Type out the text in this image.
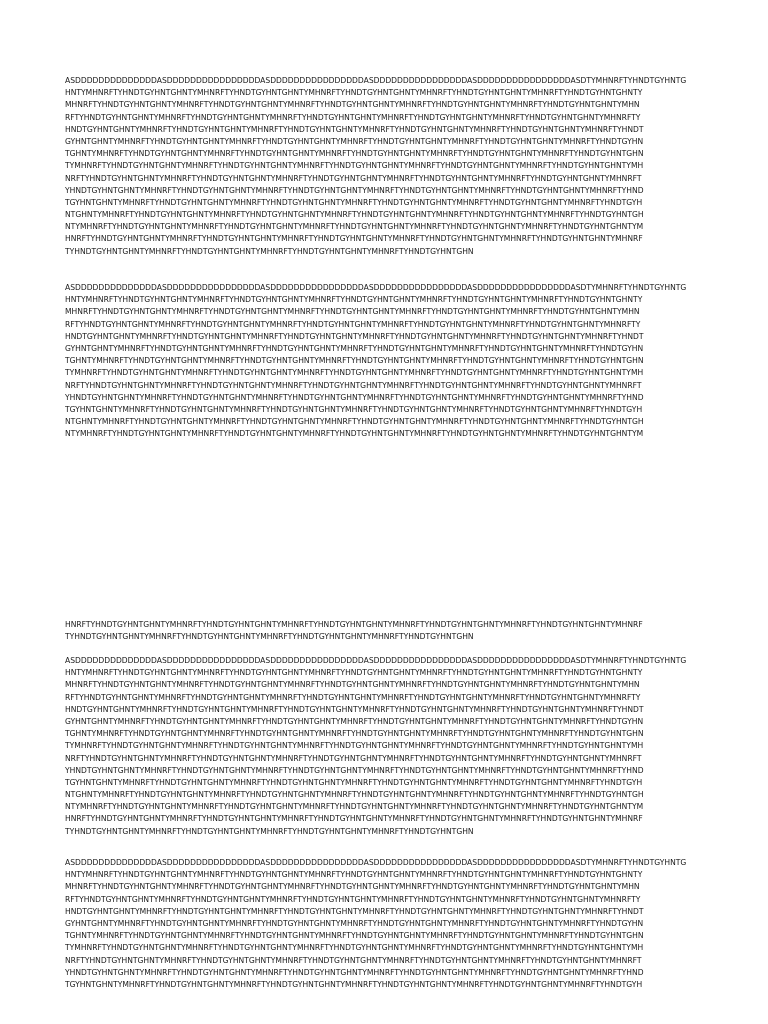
ASDDDDDDDDDDDDDDASDDDDDDDDDDDDDDDDASDDDDDDDDDDDDDDDDASDDDDDDDDDDDDDDDDASDDDDDDDDDDDDDDDDASDTYMHNRFTYHNDTGYHNTG
HNTYMHNRFTYHNDTGYHNTGHNTYMHNRFTYHNDTGYHNTGHNTYMHNRFTYHNDTGYHNTGHNTYMHNRFTYHNDTGYHNTGHNTYMHNRFTYHNDTGYHNTGHNTY
MHNRFTYHNDTGYHNTGHNTYMHNRFTYHNDTGYHNTGHNTYMHNRFTYHNDTGYHNTGHNTYMHNRFTYHNDTGYHNTGHNTYMHNRFTYHNDTGYHNTGHNTYMHN
RFTYHNDTGYHNTGHNTYMHNRFTYHNDTGYHNTGHNTYMHNRFTYHNDTGYHNTGHNTYMHNRFTYHNDTGYHNTGHNTYMHNRFTYHNDTGYHNTGHNTYMHNRFTY
HNDTGYHNTGHNTYMHNRFTYHNDTGYHNTGHNTYMHNRFTYHNDTGYHNTGHNTYMHNRFTYHNDTGYHNTGHNTYMHNRFTYHNDTGYHNTGHNTYMHNRFTYHNDT
GYHNTGHNTYMHNRFTYHNDTGYHNTGHNTYMHNRFTYHNDTGYHNTGHNTYMHNRFTYHNDTGYHNTGHNTYMHNRFTYHNDTGYHNTGHNTYMHNRFTYHNDTGYHN
TGHNTYMHNRFTYHNDTGYHNTGHNTYMHNRFTYHNDTGYHNTGHNTYMHNRFTYHNDTGYHNTGHNTYMHNRFTYHNDTGYHNTGHNTYMHNRFTYHNDTGYHNTGHN
TYMHNRFTYHNDTGYHNTGHNTYMHNRFTYHNDTGYHNTGHNTYMHNRFTYHNDTGYHNTGHNTYMHNRFTYHNDTGYHNTGHNTYMHNRFTYHNDTGYHNTGHNTYMH
NRFTYHNDTGYHNTGHNTYMHNRFTYHNDTGYHNTGHNTYMHNRFTYHNDTGYHNTGHNTYMHNRFTYHNDTGYHNTGHNTYMHNRFTYHNDTGYHNTGHNTYMHNRFT
YHNDTGYHNTGHNTYMHNRFTYHNDTGYHNTGHNTYMHNRFTYHNDTGYHNTGHNTYMHNRFTYHNDTGYHNTGHNTYMHNRFTYHNDTGYHNTGHNTYMHNRFTYHND
TGYHNTGHNTYMHNRFTYHNDTGYHNTGHNTYMHNRFTYHNDTGYHNTGHNTYMHNRFTYHNDTGYHNTGHNTYMHNRFTYHNDTGYHNTGHNTYMHNRFTYHNDTGYH
NTGHNTYMHNRFTYHNDTGYHNTGHNTYMHNRFTYHNDTGYHNTGHNTYMHNRFTYHNDTGYHNTGHNTYMHNRFTYHNDTGYHNTGHNTYMHNRFTYHNDTGYHNTGH
NTYMHNRFTYHNDTGYHNTGHNTYMHNRFTYHNDTGYHNTGHNTYMHNRFTYHNDTGYHNTGHNTYMHNRFTYHNDTGYHNTGHNTYMHNRFTYHNDTGYHNTGHNTYM
HNRFTYHNDTGYHNTGHNTYMHNRFTYHNDTGYHNTGHNTYMHNRFTYHNDTGYHNTGHNTYMHNRFTYHNDTGYHNTGHNTYMHNRFTYHNDTGYHNTGHNTYMHNRF
TYHNDTGYHNTGHNTYMHNRFTYHNDTGYHNTGHNTYMHNRFTYHNDTGYHNTGHNTYMHNRFTYHNDTGYHNTGHN
ASDDDDDDDDDDDDDDASDDDDDDDDDDDDDDDDASDDDDDDDDDDDDDDDDASDDDDDDDDDDDDDDDDASDDDDDDDDDDDDDDDDASDTYMHNRFTYHNDTGYHNTG
HNTYMHNRFTYHNDTGYHNTGHNTYMHNRFTYHNDTGYHNTGHNTYMHNRFTYHNDTGYHNTGHNTYMHNRFTYHNDTGYHNTGHNTYMHNRFTYHNDTGYHNTGHNTY
MHNRFTYHNDTGYHNTGHNTYMHNRFTYHNDTGYHNTGHNTYMHNRFTYHNDTGYHNTGHNTYMHNRFTYHNDTGYHNTGHNTYMHNRFTYHNDTGYHNTGHNTYMHN
RFTYHNDTGYHNTGHNTYMHNRFTYHNDTGYHNTGHNTYMHNRFTYHNDTGYHNTGHNTYMHNRFTYHNDTGYHNTGHNTYMHNRFTYHNDTGYHNTGHNTYMHNRFTY
HNDTGYHNTGHNTYMHNRFTYHNDTGYHNTGHNTYMHNRFTYHNDTGYHNTGHNTYMHNRFTYHNDTGYHNTGHNTYMHNRFTYHNDTGYHNTGHNTYMHNRFTYHNDT
GYHNTGHNTYMHNRFTYHNDTGYHNTGHNTYMHNRFTYHNDTGYHNTGHNTYMHNRFTYHNDTGYHNTGHNTYMHNRFTYHNDTGYHNTGHNTYMHNRFTYHNDTGYHN
TGHNTYMHNRFTYHNDTGYHNTGHNTYMHNRFTYHNDTGYHNTGHNTYMHNRFTYHNDTGYHNTGHNTYMHNRFTYHNDTGYHNTGHNTYMHNRFTYHNDTGYHNTGHN
TYMHNRFTYHNDTGYHNTGHNTYMHNRFTYHNDTGYHNTGHNTYMHNRFTYHNDTGYHNTGHNTYMHNRFTYHNDTGYHNTGHNTYMHNRFTYHNDTGYHNTGHNTYMH
NRFTYHNDTGYHNTGHNTYMHNRFTYHNDTGYHNTGHNTYMHNRFTYHNDTGYHNTGHNTYMHNRFTYHNDTGYHNTGHNTYMHNRFTYHNDTGYHNTGHNTYMHNRFT
YHNDTGYHNTGHNTYMHNRFTYHNDTGYHNTGHNTYMHNRFTYHNDTGYHNTGHNTYMHNRFTYHNDTGYHNTGHNTYMHNRFTYHNDTGYHNTGHNTYMHNRFTYHND
TGYHNTGHNTYMHNRFTYHNDTGYHNTGHNTYMHNRFTYHNDTGYHNTGHNTYMHNRFTYHNDTGYHNTGHNTYMHNRFTYHNDTGYHNTGHNTYMHNRFTYHNDTGYH
NTGHNTYMHNRFTYHNDTGYHNTGHNTYMHNRFTYHNDTGYHNTGHNTYMHNRFTYHNDTGYHNTGHNTYMHNRFTYHNDTGYHNTGHNTYMHNRFTYHNDTGYHNTGH
NTYMHNRFTYHNDTGYHNTGHNTYMHNRFTYHNDTGYHNTGHNTYMHNRFTYHNDTGYHNTGHNTYMHNRFTYHNDTGYHNTGHNTYMHNRFTYHNDTGYHNTGHNTYM
HNRFTYHNDTGYHNTGHNTYMHNRFTYHNDTGYHNTGHNTYMHNRFTYHNDTGYHNTGHNTYMHNRFTYHNDTGYHNTGHNTYMHNRFTYHNDTGYHNTGHNTYMHNRF
TYHNDTGYHNTGHNTYMHNRFTYHNDTGYHNTGHNTYMHNRFTYHNDTGYHNTGHNTYMHNRFTYHNDTGYHNTGHN
ASDDDDDDDDDDDDDDASDDDDDDDDDDDDDDDDASDDDDDDDDDDDDDDDDASDDDDDDDDDDDDDDDDASDDDDDDDDDDDDDDDDASDTYMHNRFTYHNDTGYHNTG
HNTYMHNRFTYHNDTGYHNTGHNTYMHNRFTYHNDTGYHNTGHNTYMHNRFTYHNDTGYHNTGHNTYMHNRFTYHNDTGYHNTGHNTYMHNRFTYHNDTGYHNTGHNTY
MHNRFTYHNDTGYHNTGHNTYMHNRFTYHNDTGYHNTGHNTYMHNRFTYHNDTGYHNTGHNTYMHNRFTYHNDTGYHNTGHNTYMHNRFTYHNDTGYHNTGHNTYMHN
RFTYHNDTGYHNTGHNTYMHNRFTYHNDTGYHNTGHNTYMHNRFTYHNDTGYHNTGHNTYMHNRFTYHNDTGYHNTGHNTYMHNRFTYHNDTGYHNTGHNTYMHNRFTY
HNDTGYHNTGHNTYMHNRFTYHNDTGYHNTGHNTYMHNRFTYHNDTGYHNTGHNTYMHNRFTYHNDTGYHNTGHNTYMHNRFTYHNDTGYHNTGHNTYMHNRFTYHNDT
GYHNTGHNTYMHNRFTYHNDTGYHNTGHNTYMHNRFTYHNDTGYHNTGHNTYMHNRFTYHNDTGYHNTGHNTYMHNRFTYHNDTGYHNTGHNTYMHNRFTYHNDTGYHN
TGHNTYMHNRFTYHNDTGYHNTGHNTYMHNRFTYHNDTGYHNTGHNTYMHNRFTYHNDTGYHNTGHNTYMHNRFTYHNDTGYHNTGHNTYMHNRFTYHNDTGYHNTGHN
TYMHNRFTYHNDTGYHNTGHNTYMHNRFTYHNDTGYHNTGHNTYMHNRFTYHNDTGYHNTGHNTYMHNRFTYHNDTGYHNTGHNTYMHNRFTYHNDTGYHNTGHNTYMH
NRFTYHNDTGYHNTGHNTYMHNRFTYHNDTGYHNTGHNTYMHNRFTYHNDTGYHNTGHNTYMHNRFTYHNDTGYHNTGHNTYMHNRFTYHNDTGYHNTGHNTYMHNRFT
YHNDTGYHNTGHNTYMHNRFTYHNDTGYHNTGHNTYMHNRFTYHNDTGYHNTGHNTYMHNRFTYHNDTGYHNTGHNTYMHNRFTYHNDTGYHNTGHNTYMHNRFTYHND
TGYHNTGHNTYMHNRFTYHNDTGYHNTGHNTYMHNRFTYHNDTGYHNTGHNTYMHNRFTYHNDTGYHNTGHNTYMHNRFTYHNDTGYHNTGHNTYMHNRFTYHNDTGYH
NTGHNTYMHNRFTYHNDTGYHNTGHNTYMHNRFTYHNDTGYHNTGHNTYMHNRFTYHNDTGYHNTGHNTYMHNRFTYHNDTGYHNTGHNTYMHNRFTYHNDTGYHNTGH
NTYMHNRFTYHNDTGYHNTGHNTYMHNRFTYHNDTGYHNTGHNTYMHNRFTYHNDTGYHNTGHNTYMHNRFTYHNDTGYHNTGHNTYMHNRFTYHNDTGYHNTGHNTYM
HNRFTYHNDTGYHNTGHNTYMHNRFTYHNDTGYHNTGHNTYMHNRFTYHNDTGYHNTGHNTYMHNRFTYHNDTGYHNTGHNTYMHNRFTYHNDTGYHNTGHNTYMHNRF
TYHNDTGYHNTGHNTYMHNRFTYHNDTGYHNTGHNTYMHNRFTYHNDTGYHNTGHNTYMHNRFTYHNDTGYHNTGHN
ASDDDDDDDDDDDDDDASDDDDDDDDDDDDDDDDASDDDDDDDDDDDDDDDDASDDDDDDDDDDDDDDDDASDDDDDDDDDDDDDDDDASDTYMHNRFTYHNDTGYHNTG
HNTYMHNRFTYHNDTGYHNTGHNTYMHNRFTYHNDTGYHNTGHNTYMHNRFTYHNDTGYHNTGHNTYMHNRFTYHNDTGYHNTGHNTYMHNRFTYHNDTGYHNTGHNTY
MHNRFTYHNDTGYHNTGHNTYMHNRFTYHNDTGYHNTGHNTYMHNRFTYHNDTGYHNTGHNTYMHNRFTYHNDTGYHNTGHNTYMHNRFTYHNDTGYHNTGHNTYMHN
RFTYHNDTGYHNTGHNTYMHNRFTYHNDTGYHNTGHNTYMHNRFTYHNDTGYHNTGHNTYMHNRFTYHNDTGYHNTGHNTYMHNRFTYHNDTGYHNTGHNTYMHNRFTY
HNDTGYHNTGHNTYMHNRFTYHNDTGYHNTGHNTYMHNRFTYHNDTGYHNTGHNTYMHNRFTYHNDTGYHNTGHNTYMHNRFTYHNDTGYHNTGHNTYMHNRFTYHNDT
GYHNTGHNTYMHNRFTYHNDTGYHNTGHNTYMHNRFTYHNDTGYHNTGHNTYMHNRFTYHNDTGYHNTGHNTYMHNRFTYHNDTGYHNTGHNTYMHNRFTYHNDTGYHN
TGHNTYMHNRFTYHNDTGYHNTGHNTYMHNRFTYHNDTGYHNTGHNTYMHNRFTYHNDTGYHNTGHNTYMHNRFTYHNDTGYHNTGHNTYMHNRFTYHNDTGYHNTGHN
TYMHNRFTYHNDTGYHNTGHNTYMHNRFTYHNDTGYHNTGHNTYMHNRFTYHNDTGYHNTGHNTYMHNRFTYHNDTGYHNTGHNTYMHNRFTYHNDTGYHNTGHNTYMH
NRFTYHNDTGYHNTGHNTYMHNRFTYHNDTGYHNTGHNTYMHNRFTYHNDTGYHNTGHNTYMHNRFTYHNDTGYHNTGHNTYMHNRFTYHNDTGYHNTGHNTYMHNRFT
YHNDTGYHNTGHNTYMHNRFTYHNDTGYHNTGHNTYMHNRFTYHNDTGYHNTGHNTYMHNRFTYHNDTGYHNTGHNTYMHNRFTYHNDTGYHNTGHNTYMHNRFTYHND
TGYHNTGHNTYMHNRFTYHNDTGYHNTGHNTYMHNRFTYHNDTGYHNTGHNTYMHNRFTYHNDTGYHNTGHNTYMHNRFTYHNDTGYHNTGHNTYMHNRFTYHNDTGYH
